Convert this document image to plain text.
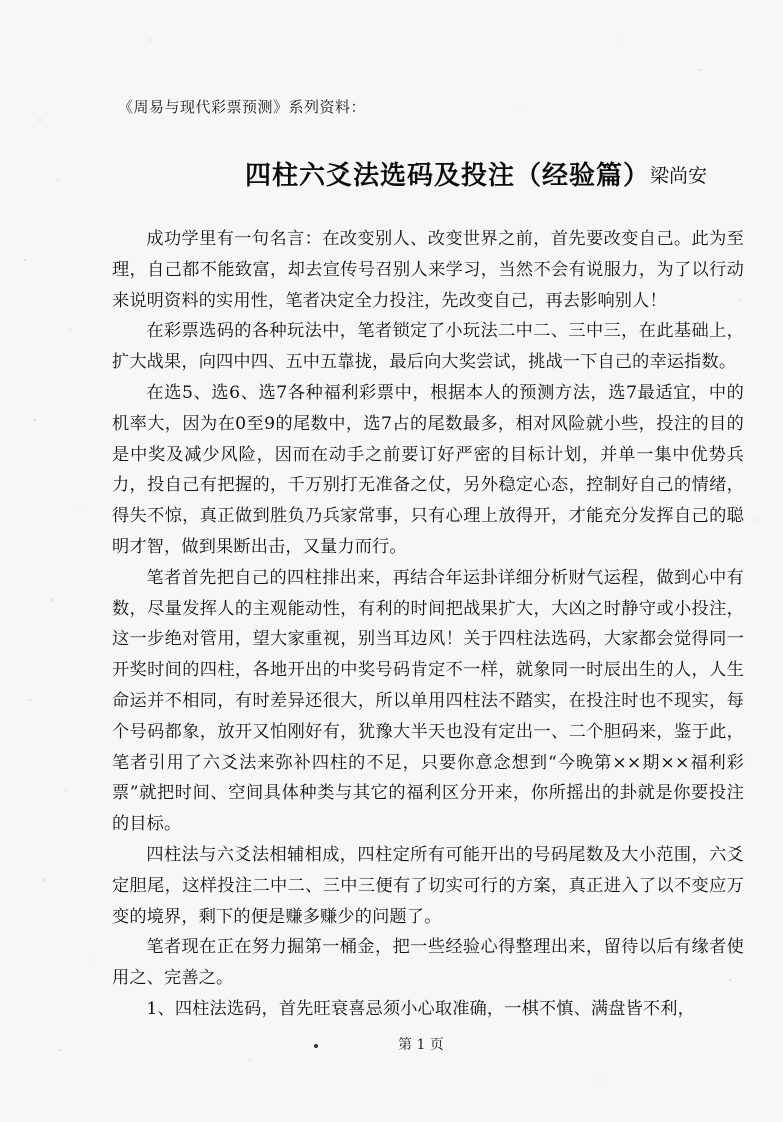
《周易与现代彩票预测》系列资料：
四柱六爻法选码及投注（经验篇） 梁尚安

成功学里有一句名言：在改变别人、改变世界之前，首先要改变自己。此为至理，自己都不能致富，却去宣传号召别人来学习，当然不会有说服力，为了以行动来说明资料的实用性，笔者决定全力投注，先改变自己，再去影响别人！

在彩票选码的各种玩法中，笔者锁定了小玩法二中二、三中三，在此基础上，扩大战果，向四中四、五中五靠拢，最后向大奖尝试，挑战一下自己的幸运指数。

在选5、选6、选7各种福利彩票中，根据本人的预测方法，选7最适宜，中的机率大，因为在0至9的尾数中，选7占的尾数最多，相对风险就小些，投注的目的是中奖及减少风险，因而在动手之前要订好严密的目标计划，并单一集中优势兵力，投自己有把握的，千万别打无准备之仗，另外稳定心态，控制好自己的情绪，得失不惊，真正做到胜负乃兵家常事，只有心理上放得开，才能充分发挥自己的聪明才智，做到果断出击，又量力而行。

笔者首先把自己的四柱排出来，再结合年运卦详细分析财气运程，做到心中有数，尽量发挥人的主观能动性，有利的时间把战果扩大，大凶之时静守或小投注，这一步绝对管用，望大家重视，别当耳边风！关于四柱法选码，大家都会觉得同一开奖时间的四柱，各地开出的中奖号码肯定不一样，就象同一时辰出生的人，人生命运并不相同，有时差异还很大，所以单用四柱法不踏实，在投注时也不现实，每个号码都象，放开又怕刚好有，犹豫大半天也没有定出一、二个胆码来，鉴于此，笔者引用了六爻法来弥补四柱的不足，只要你意念想到“今晚第××期××福利彩票”就把时间、空间具体种类与其它的福利区分开来，你所摇出的卦就是你要投注的目标。

四柱法与六爻法相辅相成，四柱定所有可能开出的号码尾数及大小范围，六爻定胆尾，这样投注二中二、三中三便有了切实可行的方案，真正进入了以不变应万变的境界，剩下的便是赚多赚少的问题了。

笔者现在正在努力掘第一桶金，把一些经验心得整理出来，留待以后有缘者使用之、完善之。

1、四柱法选码，首先旺衰喜忌须小心取准确，一棋不慎、满盘皆不利，

第 1 页
